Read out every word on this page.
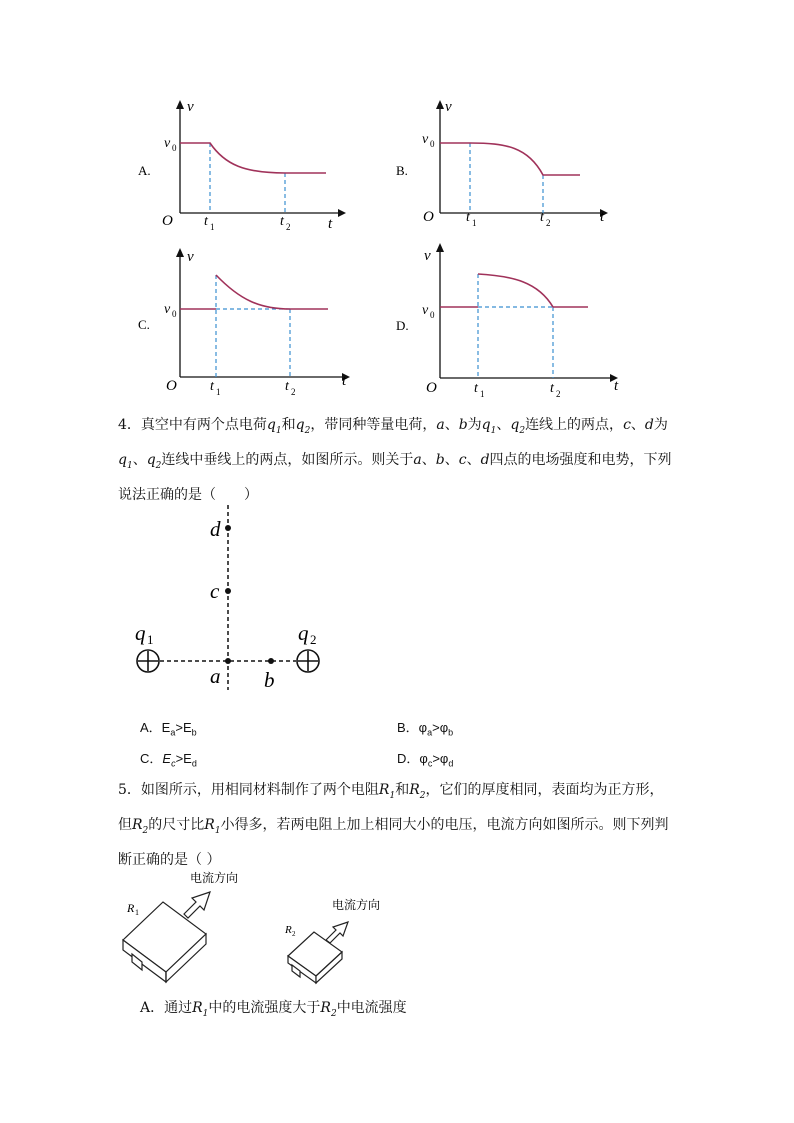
A.
v
t
O
v 0
t 1	t 2
B.
v
t
O
v 0
t 1	t 2
C.
v
t
O
v 0
t 1	t 2
D.
v
t
O
v 0
t 1	t 2
4．真空中有两个点电荷$q_1$和$q_2$，带同种等量电荷，a、b为$q_1$、$q_2$连线上的两点，c、d为
$q_1$、$q_2$连线中垂线上的两点，如图所示。则关于a、b、c、d四点的电场强度和电势，下列
说法正确的是（　　）
d
c
a b
q 1	q 2
A．$E_a>E_b$	B．$\varphi_a>\varphi_b$
C．$E_c>E_d$	D．$\varphi_c>\varphi_d$
5．如图所示，用相同材料制作了两个电阻$R_1$和$R_2$，它们的厚度相同，表面均为正方形，
但$R_2$的尺寸比$R_1$小得多，若两电阻上加上相同大小的电压，电流方向如图所示。则下列判
断正确的是（ ）
R 1
电流方向
R 2
电流方向
A．通过$R_1$中的电流强度大于$R_2$中电流强度
